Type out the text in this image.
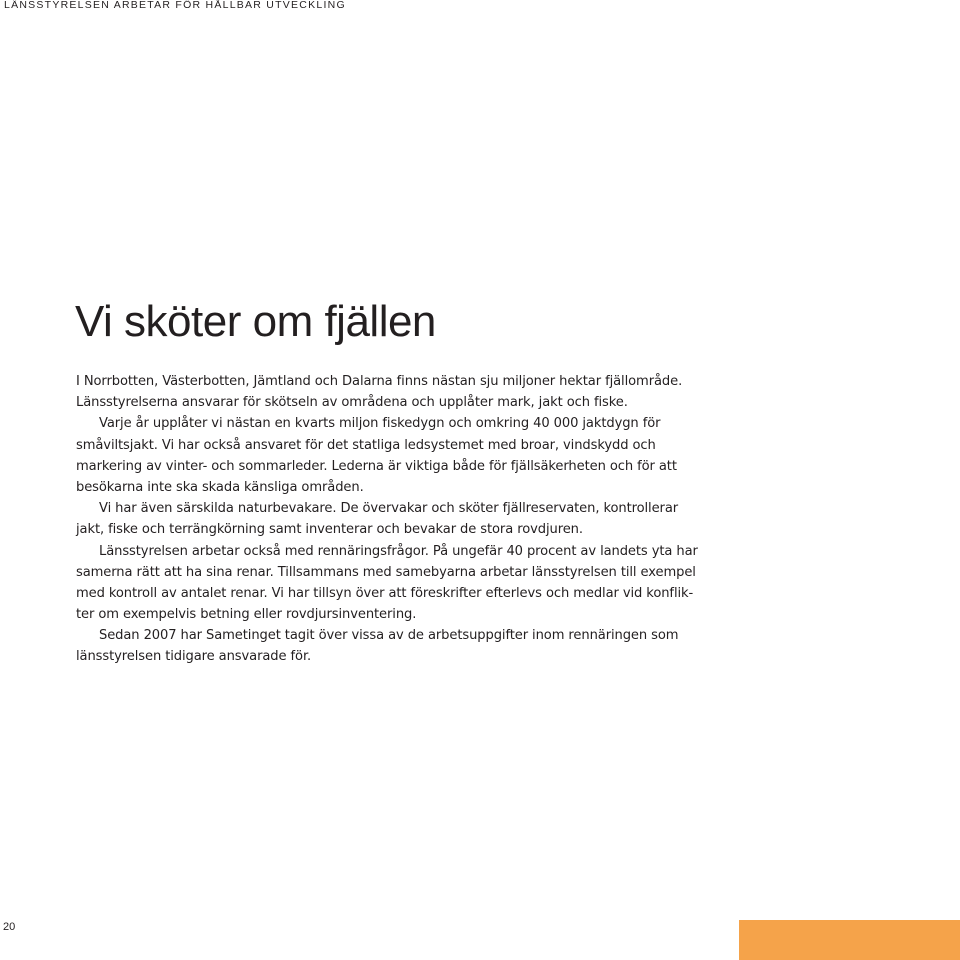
LÄNSSTYRELSEN ARBETAR FÖR HÅLLBAR UTVECKLING
Vi sköter om fjällen
I Norrbotten, Västerbotten, Jämtland och Dalarna finns nästan sju miljoner hektar fjällområde.
Länsstyrelserna ansvarar för skötseln av områdena och upplåter mark, jakt och fiske.
Varje år upplåter vi nästan en kvarts miljon fiskedygn och omkring 40 000 jaktdygn för
småviltsjakt. Vi har också ansvaret för det statliga ledsystemet med broar, vindskydd och
markering av vinter- och sommarleder. Lederna är viktiga både för fjällsäkerheten och för att
besökarna inte ska skada känsliga områden.
Vi har även särskilda naturbevakare. De övervakar och sköter fjällreservaten, kontrollerar
jakt, fiske och terrängkörning samt inventerar och bevakar de stora rovdjuren.
Länsstyrelsen arbetar också med rennäringsfrågor. På ungefär 40 procent av landets yta har
samerna rätt att ha sina renar. Tillsammans med samebyarna arbetar länsstyrelsen till exempel
med kontroll av antalet renar. Vi har tillsyn över att föreskrifter efterlevs och medlar vid konflik-
ter om exempelvis betning eller rovdjursinventering.
Sedan 2007 har Sametinget tagit över vissa av de arbetsuppgifter inom rennäringen som
länsstyrelsen tidigare ansvarade för.
20
